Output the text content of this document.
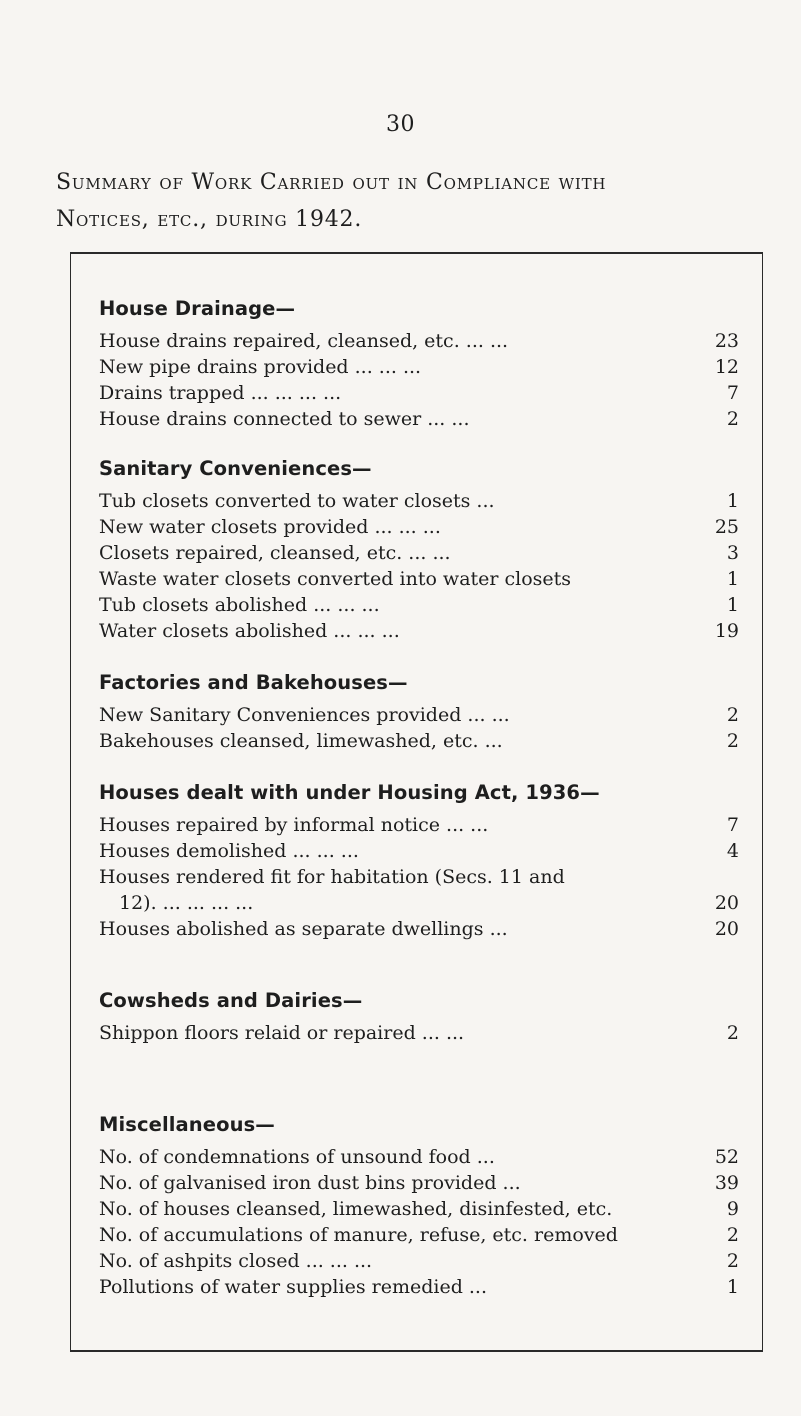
30
Summary of Work Carried out in Compliance with
Notices, etc., during 1942.
House Drainage—
House drains repaired, cleansed, etc. ... ...	23
New pipe drains provided ... ... ...	12
Drains trapped ... ... ... ...	7
House drains connected to sewer ... ...	2
Sanitary Conveniences—
Tub closets converted to water closets ...	1
New water closets provided ... ... ...	25
Closets repaired, cleansed, etc. ... ...	3
Waste water closets converted into water closets	1
Tub closets abolished ... ... ...	1
Water closets abolished ... ... ...	19
Factories and Bakehouses—
New Sanitary Conveniences provided ... ...	2
Bakehouses cleansed, limewashed, etc. ...	2
Houses dealt with under Housing Act, 1936—
Houses repaired by informal notice ... ...	7
Houses demolished ... ... ...	4
Houses rendered fit for habitation (Secs. 11 and
12). ... ... ... ...	20
Houses abolished as separate dwellings ...	20
Cowsheds and Dairies—
Shippon floors relaid or repaired ... ...	2
Miscellaneous—
No. of condemnations of unsound food ...	52
No. of galvanised iron dust bins provided ...	39
No. of houses cleansed, limewashed, disinfested, etc.	9
No. of accumulations of manure, refuse, etc. removed	2
No. of ashpits closed ... ... ...	2
Pollutions of water supplies remedied ...	1
